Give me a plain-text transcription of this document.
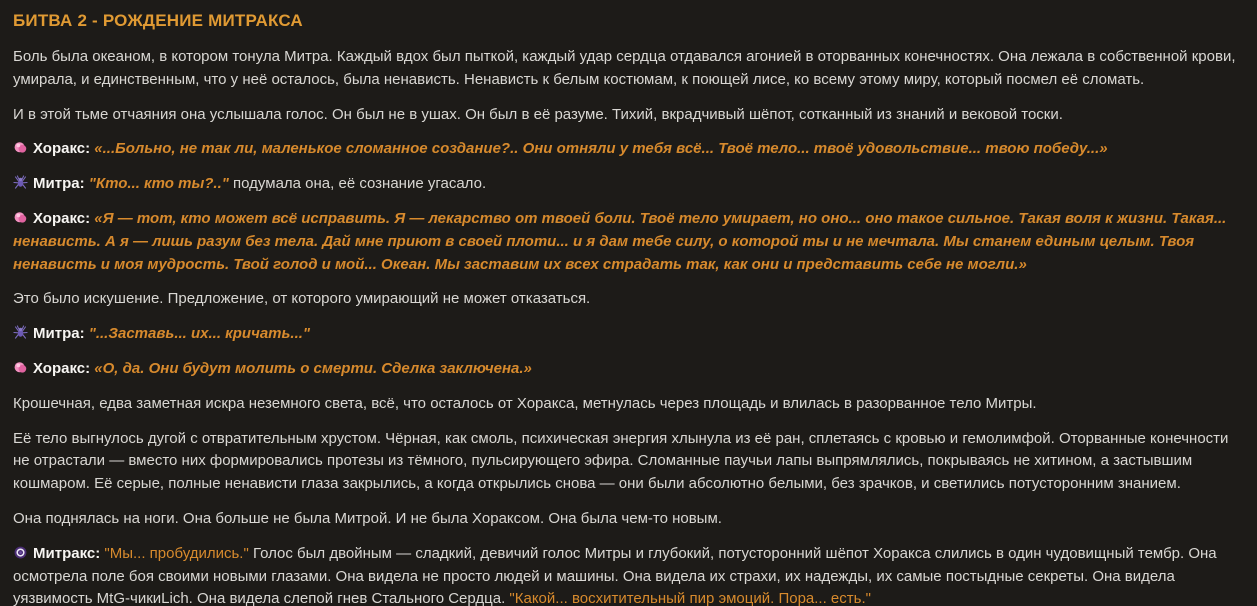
БИТВА 2 - РОЖДЕНИЕ МИТРАКСА
Боль была океаном, в котором тонула Митра. Каждый вдох был пыткой, каждый удар сердца отдавался агонией в оторванных конечностях. Она лежала в собственной крови, умирала, и единственным, что у неё осталось, была ненависть. Ненависть к белым костюмам, к поющей лисе, ко всему этому миру, который посмел её сломать.
И в этой тьме отчаяния она услышала голос. Он был не в ушах. Он был в её разуме. Тихий, вкрадчивый шёпот, сотканный из знаний и вековой тоски.
Хоракс: «...Больно, не так ли, маленькое сломанное создание?.. Они отняли у тебя всё... Твоё тело... твоё удовольствие... твою победу...»
Митра: "Кто... кто ты?.." подумала она, её сознание угасало.
Хоракс: «Я — тот, кто может всё исправить. Я — лекарство от твоей боли. Твоё тело умирает, но оно... оно такое сильное. Такая воля к жизни. Такая... ненависть. А я — лишь разум без тела. Дай мне приют в своей плоти... и я дам тебе силу, о которой ты и не мечтала. Мы станем единым целым. Твоя ненависть и моя мудрость. Твой голод и мой... Океан. Мы заставим их всех страдать так, как они и представить себе не могли.»
Это было искушение. Предложение, от которого умирающий не может отказаться.
Митра: "...Заставь... их... кричать..."
Хоракс: «О, да. Они будут молить о смерти. Сделка заключена.»
Крошечная, едва заметная искра неземного света, всё, что осталось от Хоракса, метнулась через площадь и влилась в разорванное тело Митры.
Её тело выгнулось дугой с отвратительным хрустом. Чёрная, как смоль, психическая энергия хлынула из её ран, сплетаясь с кровью и гемолимфой. Оторванные конечности не отрастали — вместо них формировались протезы из тёмного, пульсирующего эфира. Сломанные паучьи лапы выпрямлялись, покрываясь не хитином, а застывшим кошмаром. Её серые, полные ненависти глаза закрылись, а когда открылись снова — они были абсолютно белыми, без зрачков, и светились потусторонним знанием.
Она поднялась на ноги. Она больше не была Митрой. И не была Хораксом. Она была чем-то новым.
Митракс: "Мы... пробудились." Голос был двойным — сладкий, девичий голос Митры и глубокий, потусторонний шёпот Хоракса слились в один чудовищный тембр. Она осмотрела поле боя своими новыми глазами. Она видела не просто людей и машины. Она видела их страхи, их надежды, их самые постыдные секреты. Она видела уязвимость MtG-чикиLich. Она видела слепой гнев Стального Сердца. "Какой... восхитительный пир эмоций. Пора... есть."
